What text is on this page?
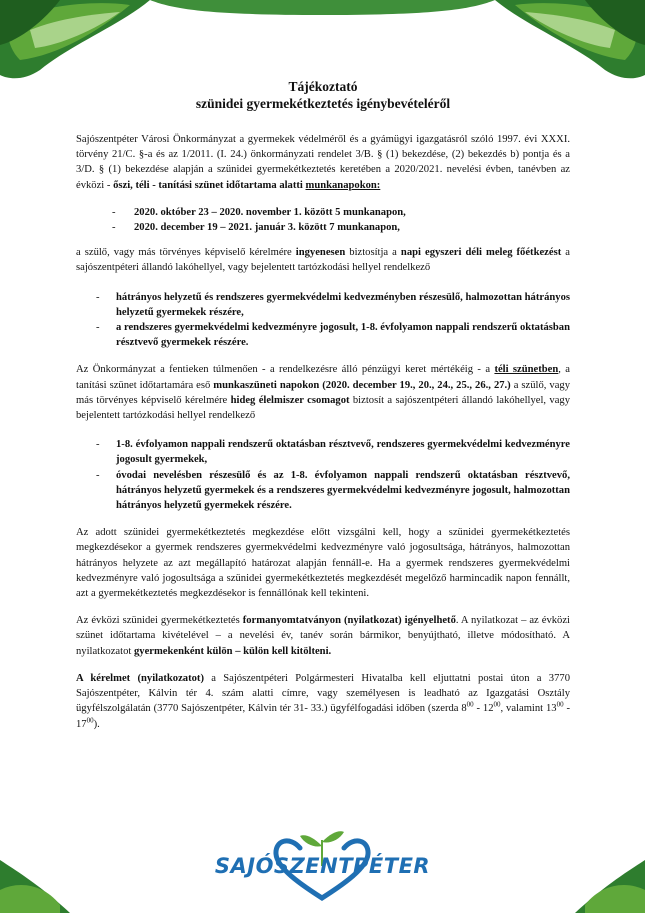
Tájékoztató
szünidei gyermekétkeztetés igénybevételéről

Sajószentpéter Városi Önkormányzat a gyermekek védelméről és a gyámügyi igazgatásról szóló 1997. évi XXXI. törvény 21/C. §-a és az 1/2011. (I. 24.) önkormányzati rendelet 3/B. § (1) bekezdése, (2) bekezdés b) pontja és a 3/D. § (1) bekezdése alapján a szünidei gyermekétkeztetés keretében a 2020/2021. nevelési évben, tanévben az évközi - őszi, téli - tanítási szünet időtartama alatti munkanapokon:

- 2020. október 23 – 2020. november 1. között 5 munkanapon,
- 2020. december 19 – 2021. január 3. között 7 munkanapon,

a szülő, vagy más törvényes képviselő kérelmére ingyenesen biztosítja a napi egyszeri déli meleg főétkezést a sajószentpéteri állandó lakóhellyel, vagy bejelentett tartózkodási hellyel rendelkező

- hátrányos helyzetű és rendszeres gyermekvédelmi kedvezményben részesülő, halmozottan hátrányos helyzetű gyermekek részére,
- a rendszeres gyermekvédelmi kedvezményre jogosult, 1-8. évfolyamon nappali rendszerű oktatásban résztvevő gyermekek részére.

Az Önkormányzat a fentieken túlmenően - a rendelkezésre álló pénzügyi keret mértékéig - a téli szünetben, a tanítási szünet időtartamára eső munkaszüneti napokon (2020. december 19., 20., 24., 25., 26., 27.) a szülő, vagy más törvényes képviselő kérelmére hideg élelmiszer csomagot biztosít a sajószentpéteri állandó lakóhellyel, vagy bejelentett tartózkodási hellyel rendelkező

- 1-8. évfolyamon nappali rendszerű oktatásban résztvevő, rendszeres gyermekvédelmi kedvezményre jogosult gyermekek,
- óvodai nevelésben részesülő és az 1-8. évfolyamon nappali rendszerű oktatásban résztvevő, hátrányos helyzetű gyermekek és a rendszeres gyermekvédelmi kedvezményre jogosult, halmozottan hátrányos helyzetű gyermekek részére.

Az adott szünidei gyermekétkeztetés megkezdése előtt vizsgálni kell, hogy a szünidei gyermekétkeztetés megkezdésekor a gyermek rendszeres gyermekvédelmi kedvezményre való jogosultsága, hátrányos, halmozottan hátrányos helyzete az azt megállapító határozat alapján fennáll-e. Ha a gyermek rendszeres gyermekvédelmi kedvezményre való jogosultsága a szünidei gyermekétkeztetés megkezdését megelőző harmincadik napon fennállt, azt a gyermekétkeztetés megkezdésekor is fennállónak kell tekinteni.

Az évközi szünidei gyermekétkeztetés formanyomtatványon (nyilatkozat) igényelhető. A nyilatkozat – az évközi szünet időtartama kivételével – a nevelési év, tanév során bármikor, benyújtható, illetve módosítható. A nyilatkozatot gyermekenként külön – külön kell kitölteni.

A kérelmet (nyilatkozatot) a Sajószentpéteri Polgármesteri Hivatalba kell eljuttatni postai úton a 3770 Sajószentpéter, Kálvin tér 4. szám alatti címre, vagy személyesen is leadható az Igazgatási Osztály ügyfélszolgálatán (3770 Sajószentpéter, Kálvin tér 31- 33.) ügyfélfogadási időben (szerda $8^{00} - 12^{00}$, valamint $13^{00} - 17^{00}$).

SAJÓSZENTPÉTER
